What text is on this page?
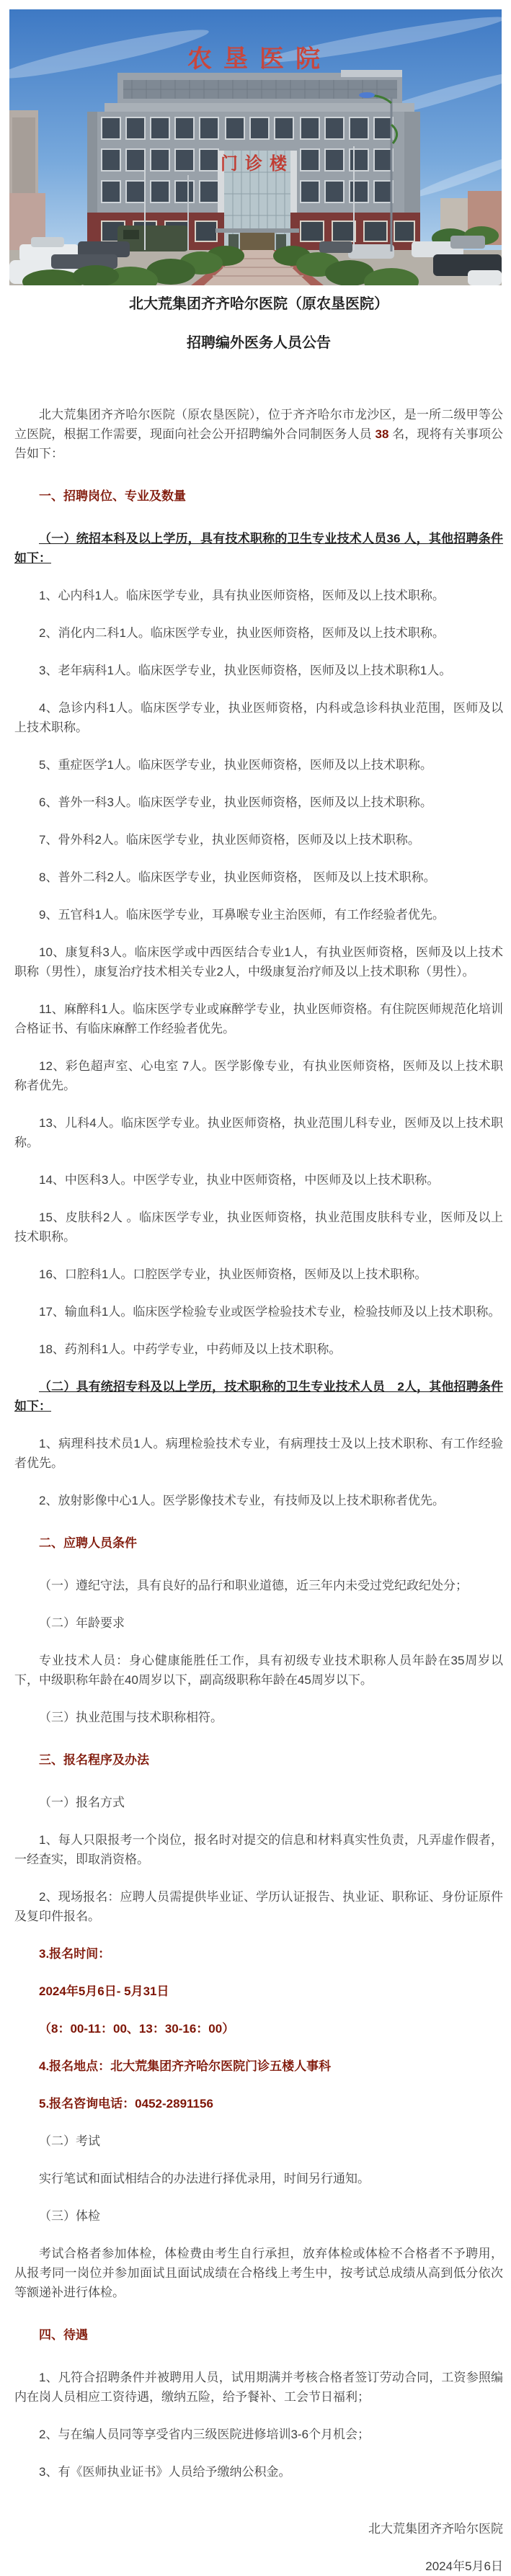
农垦医院
门诊楼

北大荒集团齐齐哈尔医院（原农垦医院）

招聘编外医务人员公告

北大荒集团齐齐哈尔医院（原农垦医院），位于齐齐哈尔市龙沙区，是一所二级甲等公立医院，根据工作需要，现面向社会公开招聘编外合同制医务人员 38 名，现将有关事项公告如下：

一、招聘岗位、专业及数量

（一）统招本科及以上学历，具有技术职称的卫生专业技术人员36 人，其他招聘条件如下：

1、心内科1人。临床医学专业，具有执业医师资格，医师及以上技术职称。

2、消化内二科1人。临床医学专业，执业医师资格，医师及以上技术职称。

3、老年病科1人。临床医学专业，执业医师资格，医师及以上技术职称1人。

4、急诊内科1人。临床医学专业，执业医师资格，内科或急诊科执业范围，医师及以上技术职称。

5、重症医学1人。临床医学专业，执业医师资格，医师及以上技术职称。

6、普外一科3人。临床医学专业，执业医师资格，医师及以上技术职称。

7、骨外科2人。临床医学专业，执业医师资格，医师及以上技术职称。

8、普外二科2人。临床医学专业，执业医师资格， 医师及以上技术职称。

9、五官科1人。临床医学专业，耳鼻喉专业主治医师，有工作经验者优先。

10、康复科3人。临床医学或中西医结合专业1人，有执业医师资格，医师及以上技术职称（男性），康复治疗技术相关专业2人，中级康复治疗师及以上技术职称（男性）。

11、麻醉科1人。临床医学专业或麻醉学专业，执业医师资格。有住院医师规范化培训合格证书、有临床麻醉工作经验者优先。

12、彩色超声室、心电室 7人。医学影像专业，有执业医师资格，医师及以上技术职称者优先。

13、儿科4人。临床医学专业。执业医师资格，执业范围儿科专业，医师及以上技术职称。

14、中医科3人。中医学专业，执业中医师资格，中医师及以上技术职称。

15、皮肤科2人 。临床医学专业，执业医师资格，执业范围皮肤科专业，医师及以上技术职称。

16、口腔科1人。口腔医学专业，执业医师资格，医师及以上技术职称。

17、输血科1人。临床医学检验专业或医学检验技术专业，检验技师及以上技术职称。

18、药剂科1人。中药学专业，中药师及以上技术职称。

（二）具有统招专科及以上学历，技术职称的卫生专业技术人员　2人，其他招聘条件如下：

1、病理科技术员1人。病理检验技术专业，有病理技士及以上技术职称、有工作经验者优先。

2、放射影像中心1人。医学影像技术专业，有技师及以上技术职称者优先。

二、应聘人员条件

（一）遵纪守法，具有良好的品行和职业道德，近三年内未受过党纪政纪处分；

（二）年龄要求

专业技术人员：身心健康能胜任工作，具有初级专业技术职称人员年龄在35周岁以下，中级职称年龄在40周岁以下，副高级职称年龄在45周岁以下。

（三）执业范围与技术职称相符。

三、报名程序及办法

（一）报名方式

1、每人只限报考一个岗位，报名时对提交的信息和材料真实性负责，凡弄虚作假者，一经查实，即取消资格。

2、现场报名：应聘人员需提供毕业证、学历认证报告、执业证、职称证、身份证原件及复印件报名。

3.报名时间：

2024年5月6日- 5月31日

（8：00-11：00、13：30-16：00）

4.报名地点：北大荒集团齐齐哈尔医院门诊五楼人事科

5.报名咨询电话：0452-2891156

（二）考试

实行笔试和面试相结合的办法进行择优录用，时间另行通知。

（三）体检

考试合格者参加体检，体检费由考生自行承担，放弃体检或体检不合格者不予聘用，从报考同一岗位并参加面试且面试成绩在合格线上考生中，按考试总成绩从高到低分依次等额递补进行体检。

四、待遇

1、凡符合招聘条件并被聘用人员，试用期满并考核合格者签订劳动合同，工资参照编内在岗人员相应工资待遇，缴纳五险，给予餐补、工会节日福利；

2、与在编人员同等享受省内三级医院进修培训3-6个月机会；

3、有《医师执业证书》人员给予缴纳公积金。

北大荒集团齐齐哈尔医院

2024年5月6日
